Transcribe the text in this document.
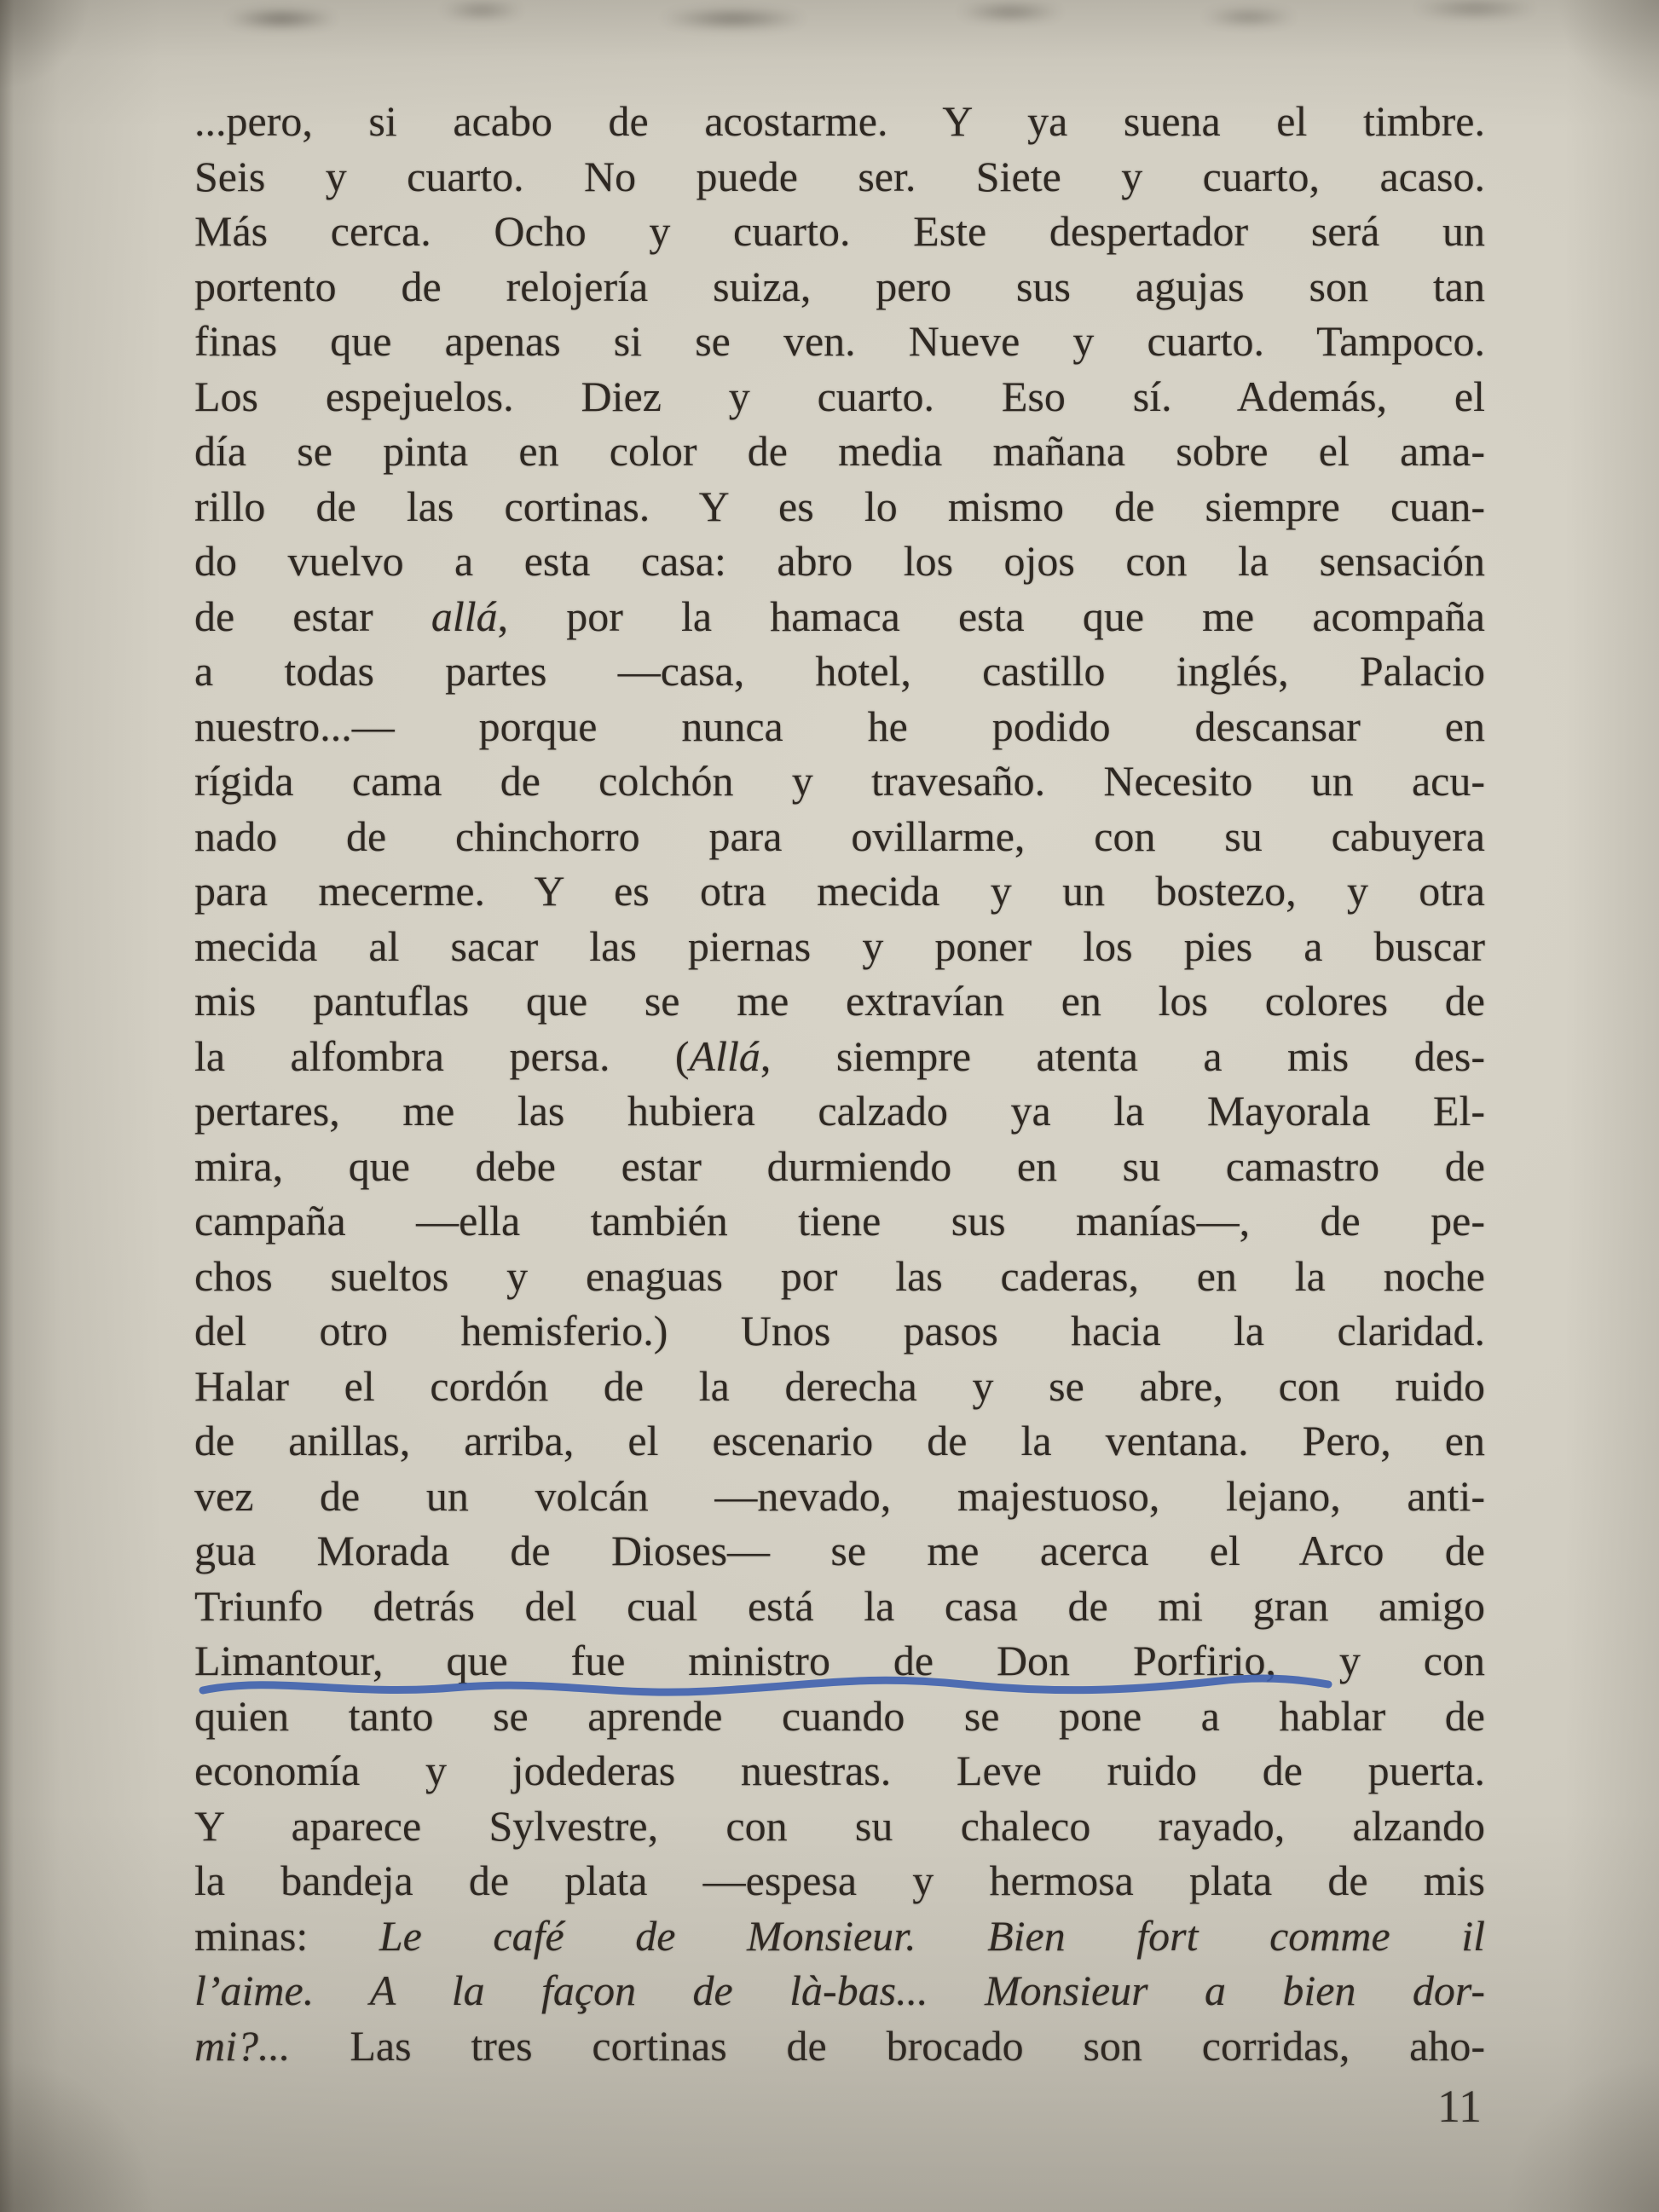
...pero, si acabo de acostarme. Y ya suena el timbre.
Seis y cuarto. No puede ser. Siete y cuarto, acaso.
Más cerca. Ocho y cuarto. Este despertador será un
portento de relojería suiza, pero sus agujas son tan
finas que apenas si se ven. Nueve y cuarto. Tampoco.
Los espejuelos. Diez y cuarto. Eso sí. Además, el
día se pinta en color de media mañana sobre el ama-
rillo de las cortinas. Y es lo mismo de siempre cuan-
do vuelvo a esta casa: abro los ojos con la sensación
de estar allá, por la hamaca esta que me acompaña
a todas partes —casa, hotel, castillo inglés, Palacio
nuestro...— porque nunca he podido descansar en
rígida cama de colchón y travesaño. Necesito un acu-
nado de chinchorro para ovillarme, con su cabuyera
para mecerme. Y es otra mecida y un bostezo, y otra
mecida al sacar las piernas y poner los pies a buscar
mis pantuflas que se me extravían en los colores de
la alfombra persa. (Allá, siempre atenta a mis des-
pertares, me las hubiera calzado ya la Mayorala El-
mira, que debe estar durmiendo en su camastro de
campaña —ella también tiene sus manías—, de pe-
chos sueltos y enaguas por las caderas, en la noche
del otro hemisferio.) Unos pasos hacia la claridad.
Halar el cordón de la derecha y se abre, con ruido
de anillas, arriba, el escenario de la ventana. Pero, en
vez de un volcán —nevado, majestuoso, lejano, anti-
gua Morada de Dioses— se me acerca el Arco de
Triunfo detrás del cual está la casa de mi gran amigo
Limantour, que fue ministro de Don Porfirio, y con
quien tanto se aprende cuando se pone a hablar de
economía y jodederas nuestras. Leve ruido de puerta.
Y aparece Sylvestre, con su chaleco rayado, alzando
la bandeja de plata —espesa y hermosa plata de mis
minas: Le café de Monsieur. Bien fort comme il
l’aime. A la façon de là-bas... Monsieur a bien dor-
mi?... Las tres cortinas de brocado son corridas, aho-
11
